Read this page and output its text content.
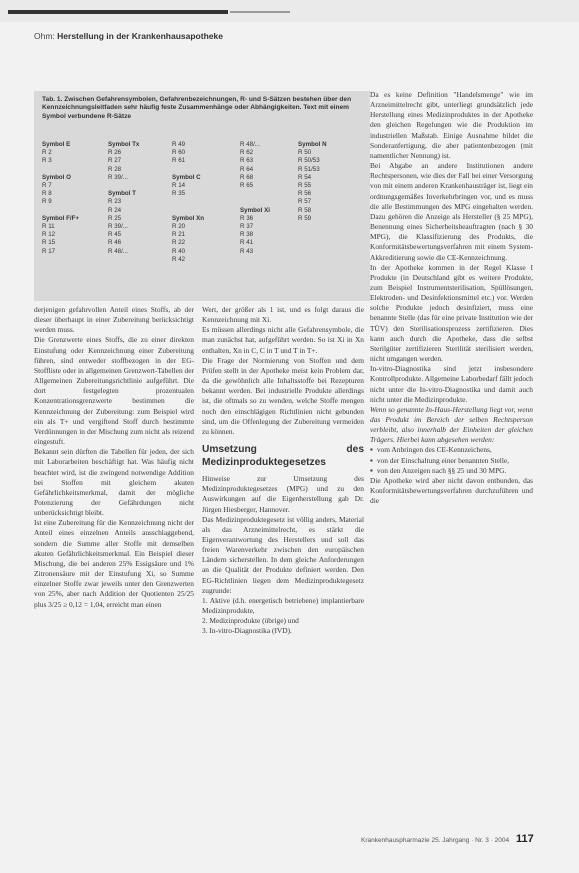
Ohm: Herstellung in der Krankenhausapotheke
Tab. 1. Zwischen Gefahrensymbolen, Gefahrenbezeichnungen, R- und S-Sätzen bestehen über den Kennzeichnungsleitfaden sehr häufig feste Zusammenhänge oder Abhängigkeiten. Text mit einem Symbol verbundene R-Sätze
Symbol E
R 2
R 3

Symbol O
R 7
R 8
R 9

Symbol F/F+
R 11
R 12
R 15
R 17
Symbol Tx
R 26
R 27
R 28
R 39/...

Symbol T
R 23
R 24
R 25
R 39/...
R 45
R 46
R 48/...
R 49
R 60
R 61

Symbol C
R 14
R 35

Symbol Xn
R 20
R 21
R 22
R 40
R 42
R 48/...
R 62
R 63
R 64
R 68
R 65

Symbol Xi
R 36
R 37
R 38
R 41
R 43
Symbol N
R 50
R 50/53
R 51/53
R 54
R 55
R 56
R 57
R 58
R 59

derjenigen gefahrvollen Anteil eines Stoffs, ab der dieser überhaupt in einer Zubereitung berücksichtigt werden muss.

Die Grenzwerte eines Stoffs, die zu einer direkten Einstufung oder Kennzeichnung einer Zubereitung führen, sind entweder stoffbezogen in der EG-Stoffliste oder in allgemeinen Grenzwert-Tabellen der Allgemeinen Zubereitungsrichtlinie aufgeführt. Die dort festgelegten prozentualen Konzentrationsgrenzwerte bestimmen die Kennzeichnung der Zubereitung: zum Beispiel wird ein als T+ und vergiftend Stoff durch bestimmte Verdünnungen in der Mischung zum nicht als reizend eingestuft.

Bekannt sein dürften die Tabellen für jeden, der sich mit Laborarbeiten beschäftigt hat. Was häufig nicht beachtet wird, ist die zwingend notwendige Addition bei Stoffen mit gleichem akuten Gefährlichkeitsmerkmal, damit der mögliche Potenzierung der Gefährdungen nicht unberücksichtigt bleibt.

Ist eine Zubereitung für die Kennzeichnung nicht der Anteil eines einzelnen Anteils ausschlaggebend, sondern die Summe aller Stoffe mit demselben akuten Gefährlichkeitsmerkmal. Ein Beispiel dieser Mischung, die bei anderen 25% Essigsäure und 1% Zitronensäure mit der Einstufung Xi, so Summe einzelner Stoffe zwar jeweils unter den Grenzwerten von 25%, aber nach Addition der Quotienten 25/25 plus 3/25 ≥ 0,12 = 1,04, erreicht man einen

Wert, der größer als 1 ist, und es folgt daraus die Kennzeichnung mit Xi.

Es müssen allerdings nicht alle Gefahrensymbole, die man zunächst hat, aufgeführt werden. So ist Xi in Xn enthalten, Xn in C, C in T und T in T+.

Die Frage der Normierung von Stoffen und dem Prüfen stellt in der Apotheke meist kein Problem dar, da die gewöhnlich alle Inhaltsstoffe bei Rezepturen bekannt werden. Bei industrielle Produkte allerdings ist, die oftmals so zu wenden, welche Stoffe mengen noch den einschlägigen Richtlinien nicht gebunden sind, um die Offenlegung der Zubereitung vermeiden zu können.

Umsetzung des Medizinproduktegesetzes

Hinweise zur Umsetzung des Medizinproduktegesetzes (MPG) und zu den Auswirkungen auf die Eigenherstellung gab Dr. Jürgen Hiesberger, Hannover.

Das Medizinproduktegesetz ist völlig anders, Material als das Arzneimittelrecht, es stärkt die Eigenverantwortung des Herstellers und soll das freien Warenverkehr zwischen den europäischen Ländern sicherstellen. In dem gleiche Anforderungen an die Qualität der Produkte definiert werden. Den EG-Richtlinien liegen dem Medizinproduktegesetz zugrunde:

1. Aktive (d.h. energetisch betriebene) implantierbare Medizinprodukte,

2. Medizinprodukte (übrige) und

3. In-vitro-Diagnostika (IVD).

Da es keine Definition "Handelsmenge" wie im Arzneimittelrecht gibt, unterliegt grundsätzlich jede Herstellung eines Medizinproduktes in der Apotheke den gleichen Regelungen wie die Produktion im industriellen Maßstab. Einige Ausnahme bildet die Sonderanfertigung, die aber patientenbezogen (mit namentlicher Nennung) ist.

Bei Abgabe an andere Institutionen andere Rechtspersonen, wie dies der Fall bei einer Versorgung von mit einem anderen Krankenhausträger ist, liegt ein ordnungsgemäßes Inverkehrbringen vor, und es muss die alle Bestimmungen des MPG eingehalten werden. Dazu gehören die Anzeige als Hersteller (§ 25 MPG), Benennung eines Sicherheitsbeauftragten (nach § 30 MPG), die Klassifizierung des Produkts, die Konformitätsbewertungsverfahren mit einem System-Akkreditierung sowie die CE-Kennzeichnung.

In der Apotheke kommen in der Regel Klasse I Produkte (in Deutschland gibt es weitere Produkte, zum Beispiel Instrumentsterilisation, Spüllösungen, Elektroden- und Desinfektionsmittel etc.) vor. Werden solche Produkte jedoch desinfiziert, muss eine benannte Stelle (das für eine private Institution wie der TÜV) den Sterilisationsprozess zertifizieren. Dies kann auch durch die Apotheke, dass die selbst Sterilgüter zertifizieren Sterilität sterilisiert werden, nicht umgangen werden.

In-vitro-Diagnostika sind jetzt insbesondere Kontrollprodukte. Allgemeine Laborbedarf fällt jedoch nicht unter die In-vitro-Diagnostika und damit auch nicht unter die Medizinprodukte.

Wenn so genannte In-Haus-Herstellung liegt vor, wenn das Produkt im Bereich der selben Rechtsperson verbleibt, also innerhalb der Einheiten der gleichen Trägers. Hierbei kann abgesehen werden:

▪ vom Anbringen des CE-Kennzeichens,

▪ von der Einschaltung einer benannten Stelle,

▪ von den Anzeigen nach §§ 25 und 30 MPG.

Die Apotheke wird aber nicht davon entbunden, das Konformitätsbewertungsverfahren durchzuführen und die

Krankenhauspharmazie 25. Jahrgang · Nr. 3 · 2004 117
